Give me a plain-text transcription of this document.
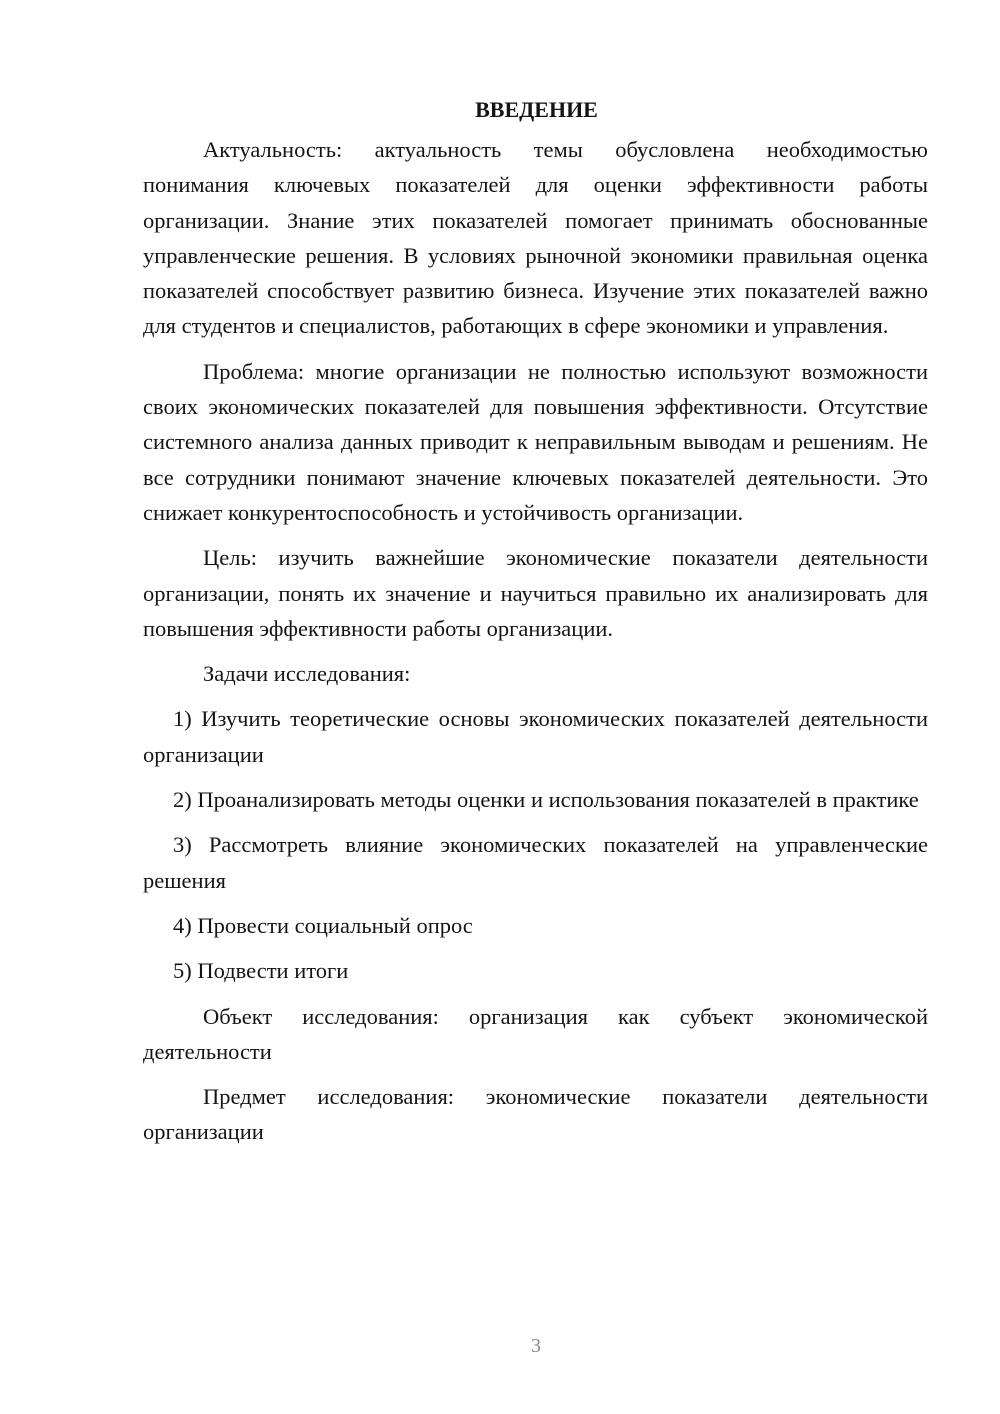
ВВЕДЕНИЕ

Актуальность: актуальность темы обусловлена необходимостью понимания ключевых показателей для оценки эффективности работы организации. Знание этих показателей помогает принимать обоснованные управленческие решения. В условиях рыночной экономики правильная оценка показателей способствует развитию бизнеса. Изучение этих показателей важно для студентов и специалистов, работающих в сфере экономики и управления.

Проблема: многие организации не полностью используют возможности своих экономических показателей для повышения эффективности. Отсутствие системного анализа данных приводит к неправильным выводам и решениям. Не все сотрудники понимают значение ключевых показателей деятельности. Это снижает конкурентоспособность и устойчивость организации.

Цель: изучить важнейшие экономические показатели деятельности организации, понять их значение и научиться правильно их анализировать для повышения эффективности работы организации.

Задачи исследования:

1) Изучить теоретические основы экономических показателей деятельности организации

2) Проанализировать методы оценки и использования показателей в практике

3) Рассмотреть влияние экономических показателей на управленческие решения

4) Провести социальный опрос

5) Подвести итоги

Объект исследования: организация как субъект экономической деятельности

Предмет исследования: экономические показатели деятельности организации

3
